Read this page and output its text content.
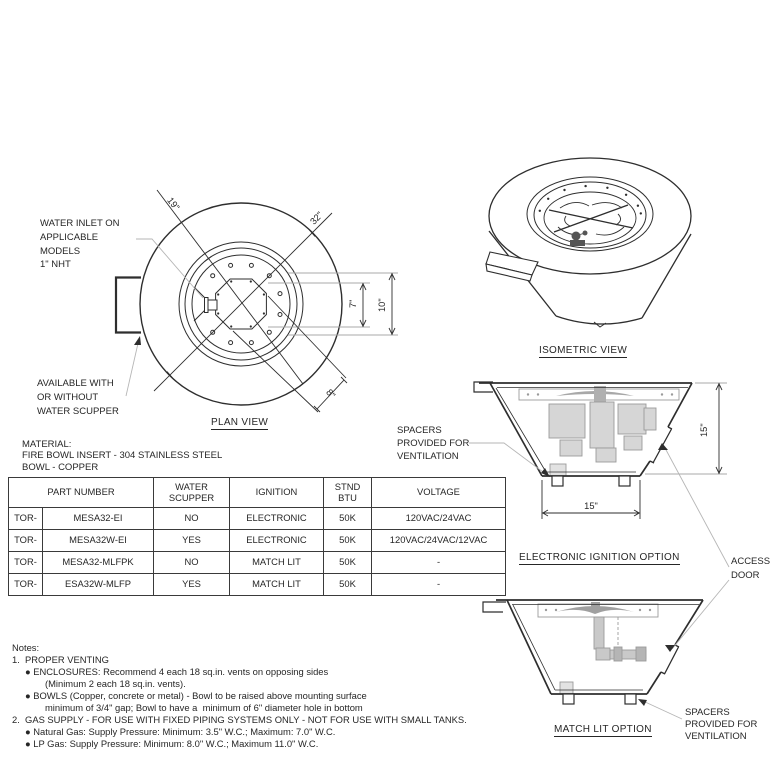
19"
32"
7" 10"
8"
15"
15"
WATER INLET ON
APPLICABLE
MODELS
1" NHT
AVAILABLE WITH
OR WITHOUT
WATER SCUPPER
PLAN VIEW
ISOMETRIC VIEW
MATERIAL:
FIRE BOWL INSERT - 304 STAINLESS STEEL
BOWL - COPPER
SPACERS
PROVIDED FOR
VENTILATION
ELECTRONIC IGNITION OPTION	ACCESS
DOOR
MATCH LIT OPTION
SPACERS
PROVIDED FOR
VENTILATION
PART NUMBER		WATER SCUPPER	IGNITION	STND BTU	VOLTAGE
TOR-	MESA32-EI	NO	ELECTRONIC	50K	120VAC/24VAC
TOR-	MESA32W-EI	YES	ELECTRONIC	50K	120VAC/24VAC/12VAC
TOR-	MESA32-MLFPK	NO	MATCH LIT	50K	-
TOR-	ESA32W-MLFP	YES	MATCH LIT	50K	-
Notes:
1.  PROPER VENTING
● ENCLOSURES: Recommend 4 each 18 sq.in. vents on opposing sides
(Minimum 2 each 18 sq.in. vents).
● BOWLS (Copper, concrete or metal) - Bowl to be raised above mounting surface
minimum of 3/4" gap; Bowl to have a  minimum of 6" diameter hole in bottom
2.  GAS SUPPLY - FOR USE WITH FIXED PIPING SYSTEMS ONLY - NOT FOR USE WITH SMALL TANKS.
● Natural Gas: Supply Pressure: Minimum: 3.5" W.C.; Maximum: 7.0" W.C.
● LP Gas: Supply Pressure: Minimum: 8.0" W.C.; Maximum 11.0" W.C.
